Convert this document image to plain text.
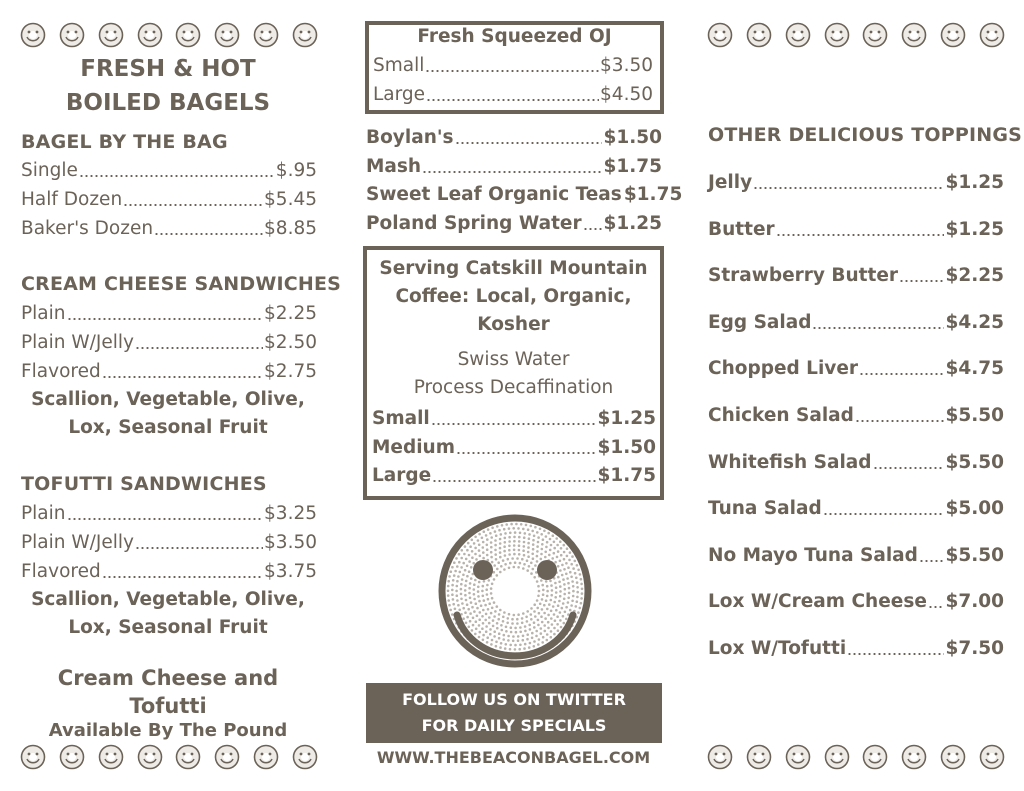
FRESH & HOT
BOILED BAGELS
BAGEL BY THE BAG
Single	$.95
Half Dozen	$5.45
Baker's Dozen	$8.85
CREAM CHEESE SANDWICHES
Plain	$2.25
Plain W/Jelly	$2.50
Flavored	$2.75
Scallion, Vegetable, Olive,
Lox, Seasonal Fruit
TOFUTTI SANDWICHES
Plain	$3.25
Plain W/Jelly	$3.50
Flavored	$3.75
Scallion, Vegetable, Olive,
Lox, Seasonal Fruit
Cream Cheese and Tofutti
Available By The Pound
Fresh Squeezed OJ
Small	$3.50
Large	$4.50
Boylan's	$1.50
Mash	$1.75
Sweet Leaf Organic Teas $1.75
Poland Spring Water $1.25
Serving Catskill Mountain
Coffee: Local, Organic, Kosher
Swiss Water
Process Decaffination
Small	$1.25
Medium	$1.50
Large	$1.75
FOLLOW US ON TWITTER
FOR DAILY SPECIALS
WWW.THEBEACONBAGEL.COM
OTHER DELICIOUS TOPPINGS
Jelly	$1.25
Butter	$1.25
Strawberry Butter	$2.25
Egg Salad	$4.25
Chopped Liver	$4.75
Chicken Salad	$5.50
Whitefish Salad	$5.50
Tuna Salad	$5.00
No Mayo Tuna Salad $5.50
Lox W/Cream Cheese $7.00
Lox W/Tofutti	$7.50
